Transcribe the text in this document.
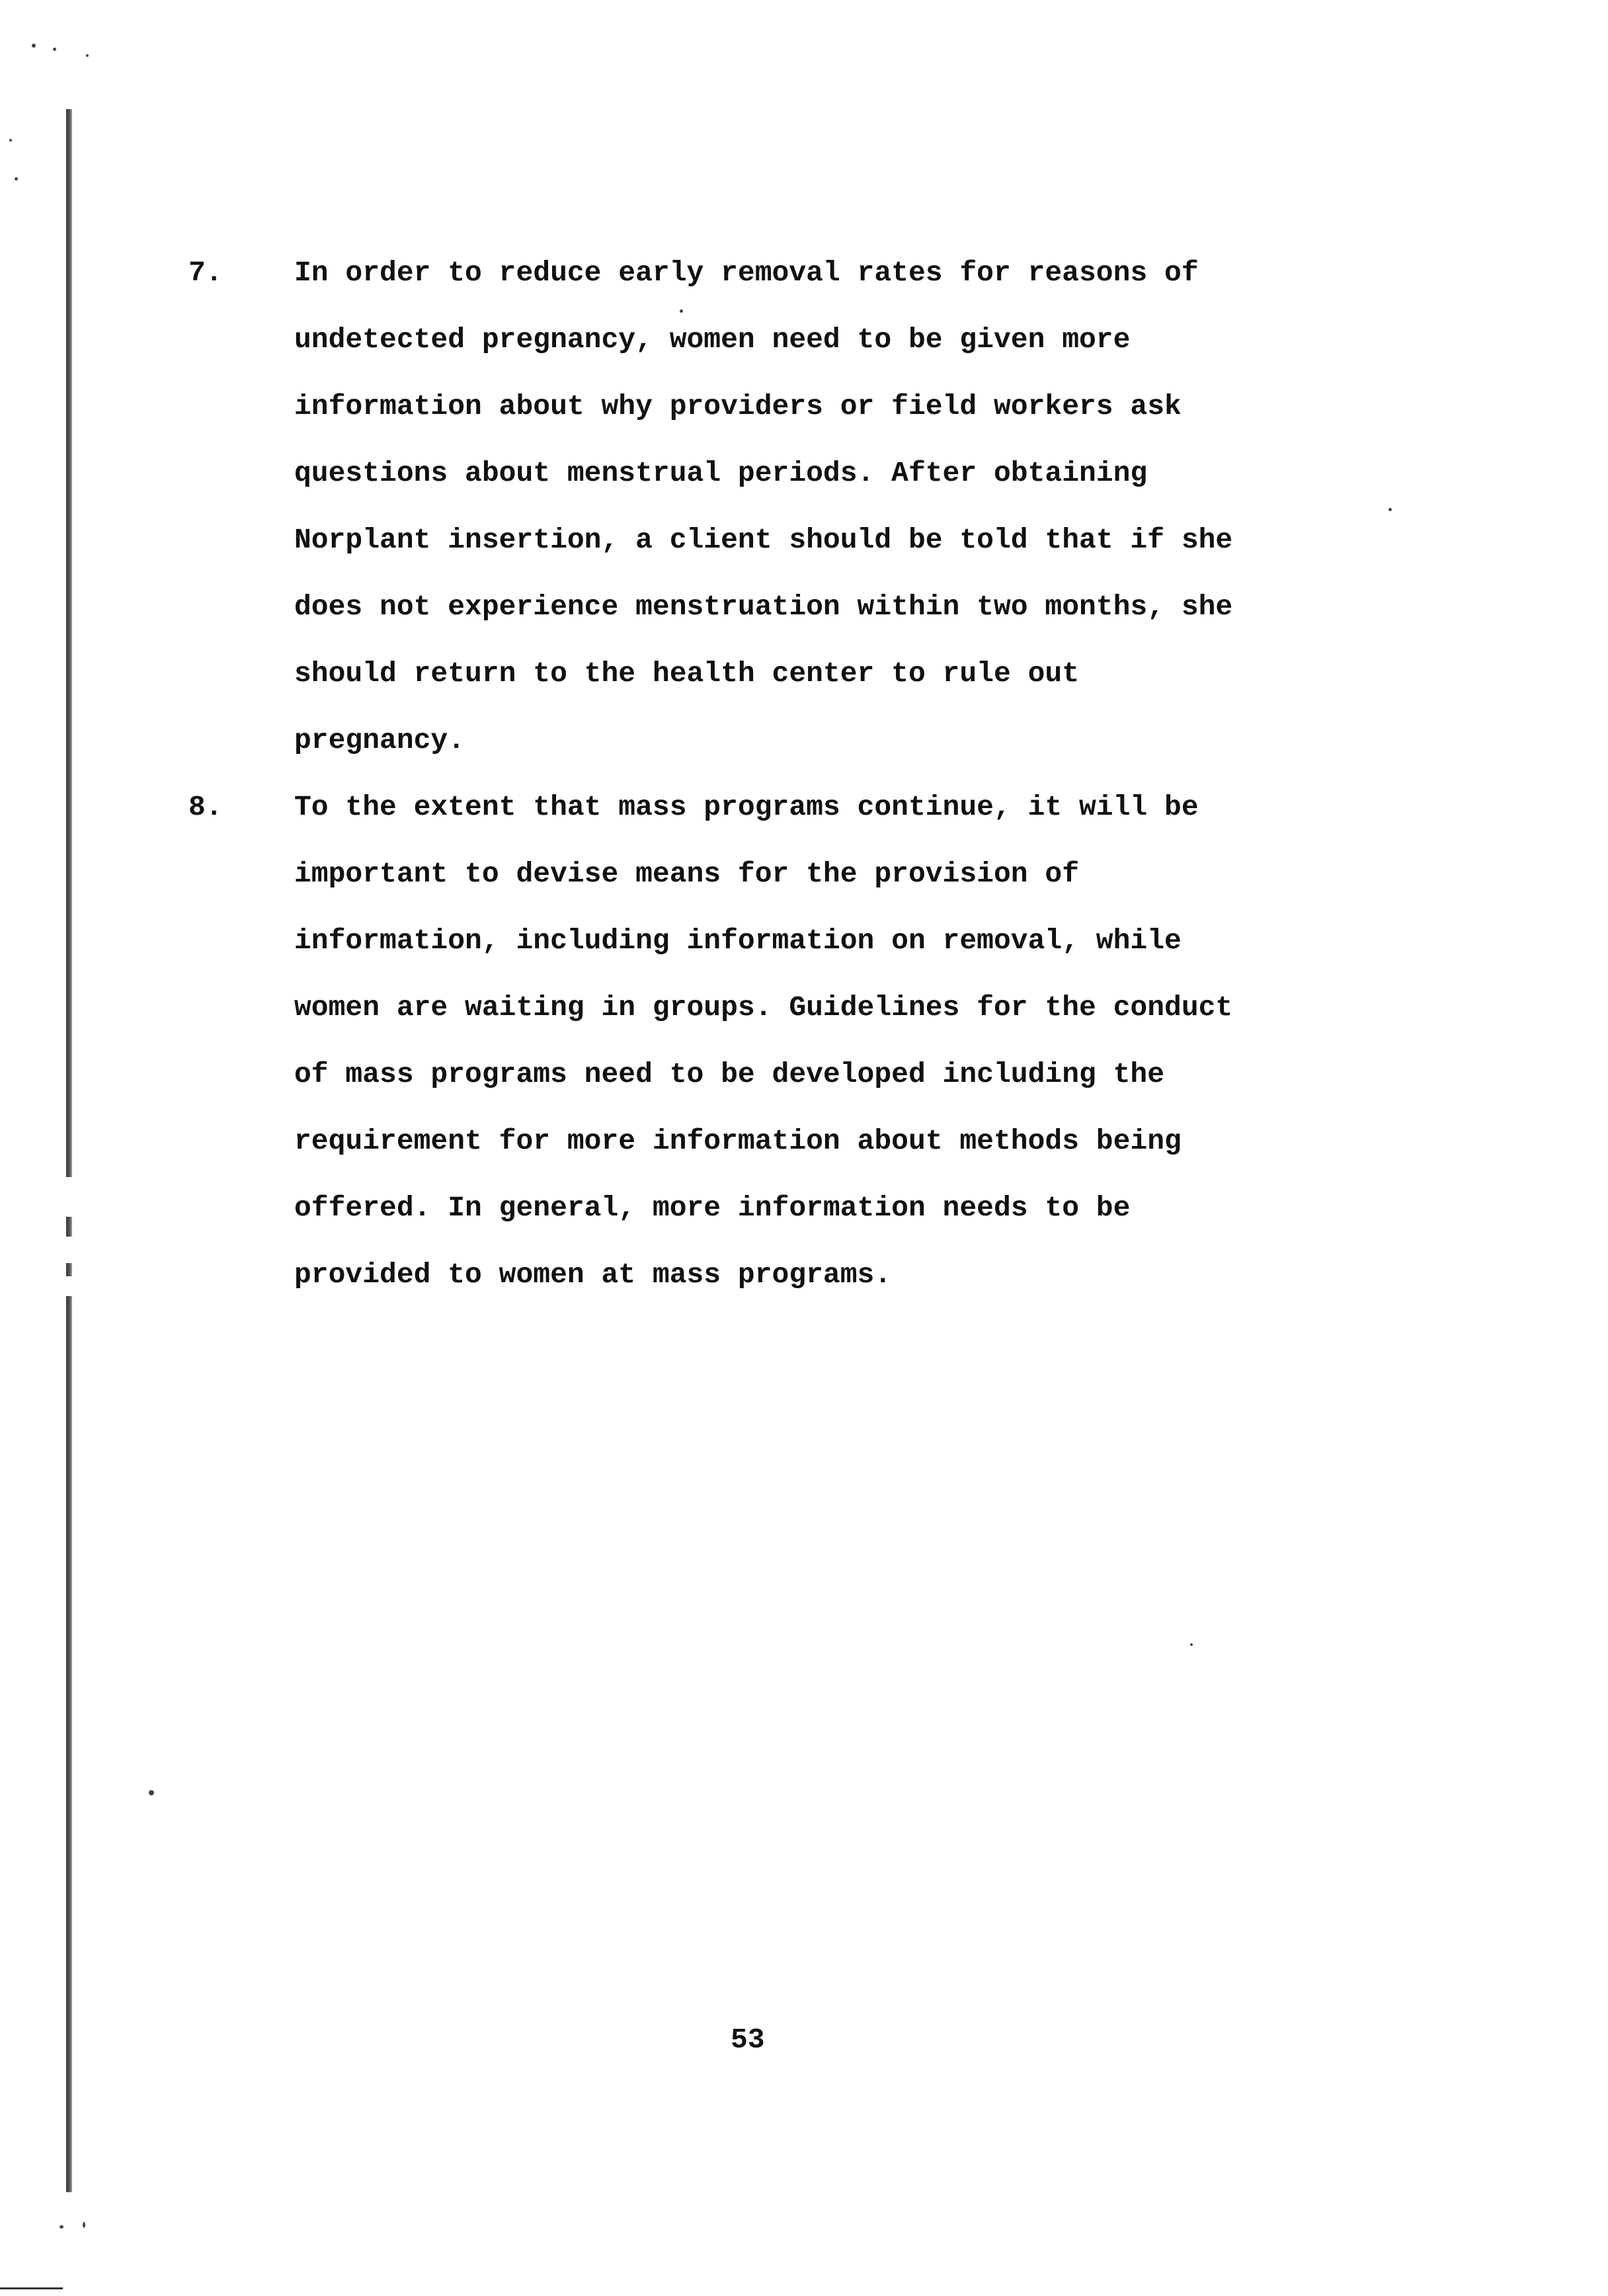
7.	In order to reduce early removal rates for reasons of
undetected pregnancy, women need to be given more
information about why providers or field workers ask
questions about menstrual periods. After obtaining
Norplant insertion, a client should be told that if she
does not experience menstruation within two months, she
should return to the health center to rule out
pregnancy.
8.	To the extent that mass programs continue, it will be
important to devise means for the provision of
information, including information on removal, while
women are waiting in groups. Guidelines for the conduct
of mass programs need to be developed including the
requirement for more information about methods being
offered. In general, more information needs to be
provided to women at mass programs.
53
